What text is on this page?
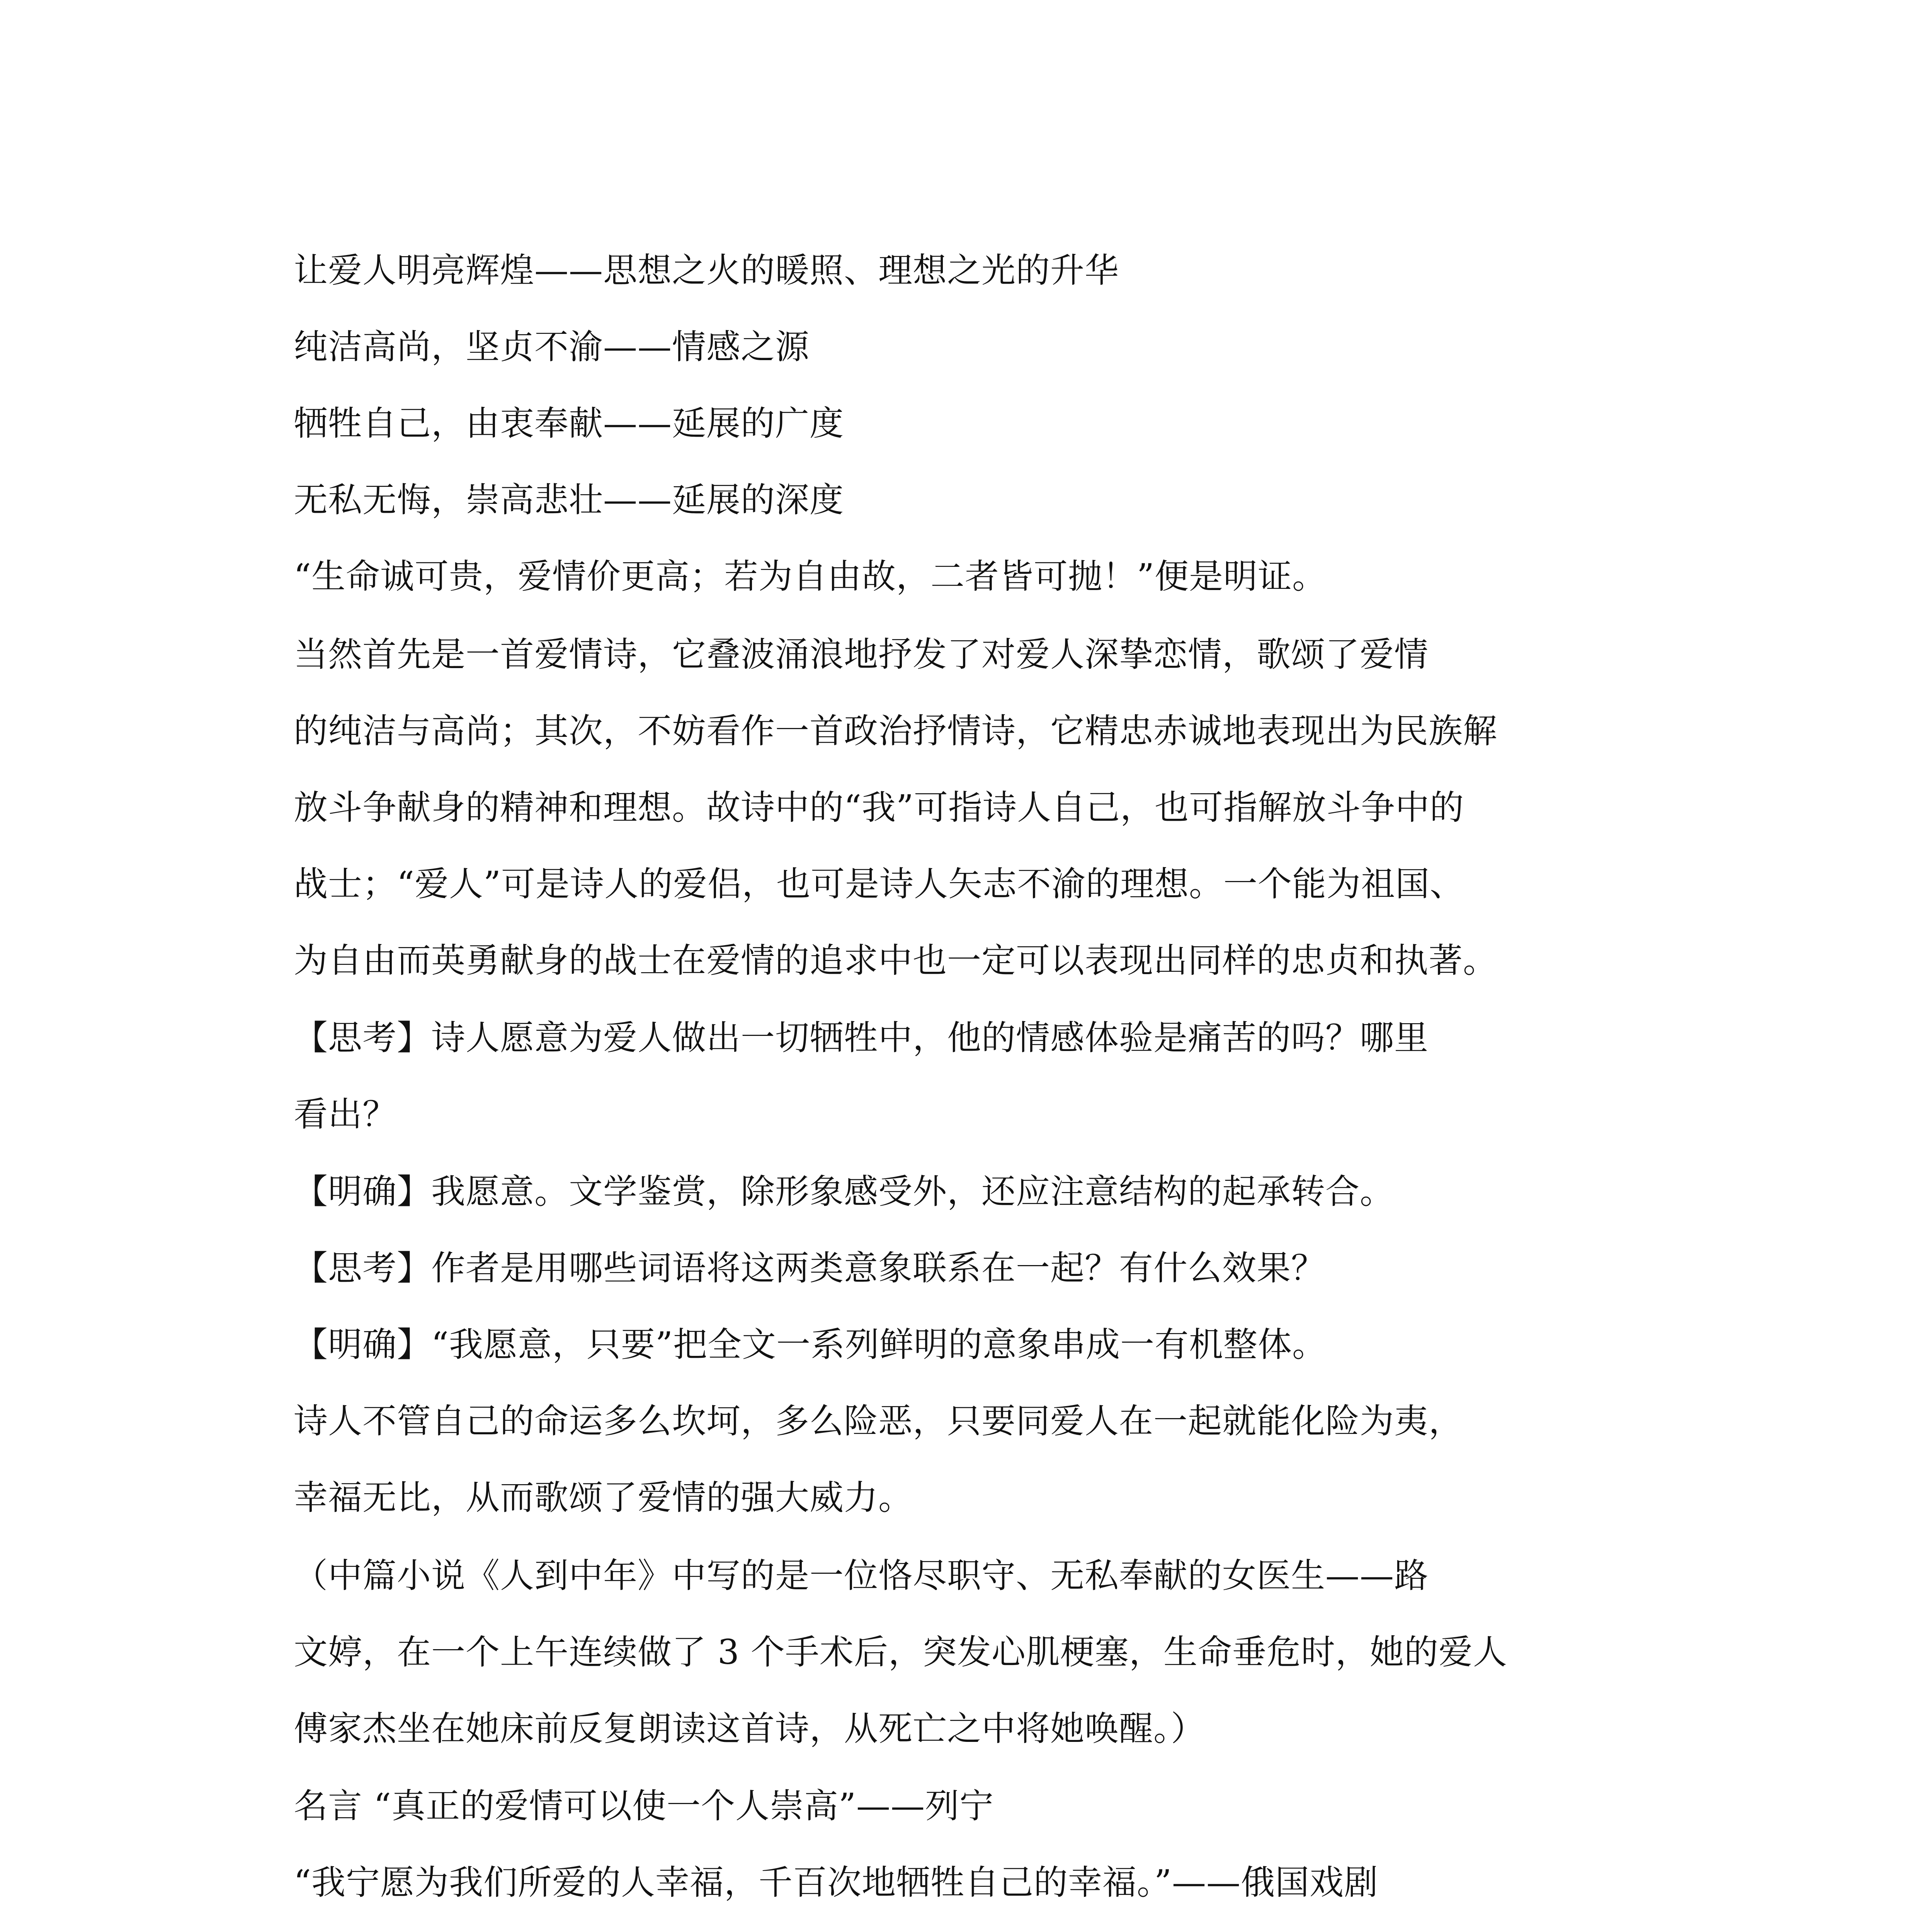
让爱人明亮辉煌——思想之火的暖照、理想之光的升华

纯洁高尚，坚贞不渝——情感之源

牺牲自己，由衷奉献——延展的广度

无私无悔，崇高悲壮——延展的深度

“生命诚可贵，爱情价更高；若为自由故，二者皆可抛！”便是明证。

当然首先是一首爱情诗，它叠波涌浪地抒发了对爱人深挚恋情，歌颂了爱情

的纯洁与高尚；其次，不妨看作一首政治抒情诗，它精忠赤诚地表现出为民族解

放斗争献身的精神和理想。故诗中的“我”可指诗人自己，也可指解放斗争中的

战士；“爱人”可是诗人的爱侣，也可是诗人矢志不渝的理想。一个能为祖国、

为自由而英勇献身的战士在爱情的追求中也一定可以表现出同样的忠贞和执著。

【思考】诗人愿意为爱人做出一切牺牲中，他的情感体验是痛苦的吗？哪里

看出？

【明确】我愿意。文学鉴赏，除形象感受外，还应注意结构的起承转合。

【思考】作者是用哪些词语将这两类意象联系在一起？有什么效果？

【明确】“我愿意，只要”把全文一系列鲜明的意象串成一有机整体。

诗人不管自己的命运多么坎坷，多么险恶，只要同爱人在一起就能化险为夷，

幸福无比，从而歌颂了爱情的强大威力。

（中篇小说《人到中年》中写的是一位恪尽职守、无私奉献的女医生——路

文婷，在一个上午连续做了 3 个手术后，突发心肌梗塞，生命垂危时，她的爱人

傅家杰坐在她床前反复朗读这首诗，从死亡之中将她唤醒。）

名言 “真正的爱情可以使一个人崇高”——列宁

“我宁愿为我们所爱的人幸福，千百次地牺牲自己的幸福。”——俄国戏剧
